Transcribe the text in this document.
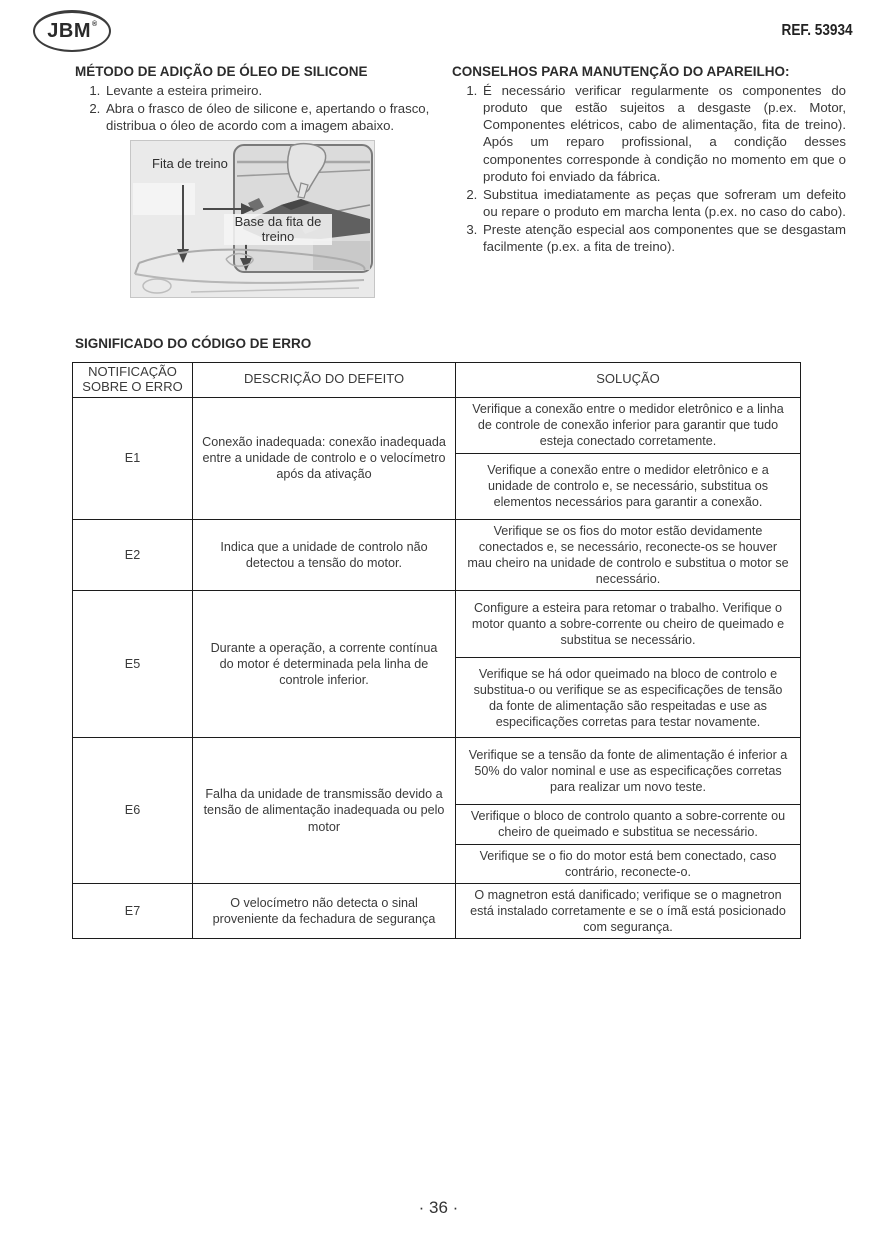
JBM ®	REF. 53934
MÉTODO DE ADIÇÃO DE ÓLEO DE SILICONE
1. Levante a esteira primeiro.
2. Abra o frasco de óleo de silicone e, apertando o frasco, distribua o óleo de acordo com a imagem abaixo.
Fita de treino
Base da fita de treino
CONSELHOS PARA MANUTENÇÃO DO APAREILHO:
1. É necessário verificar regularmente os componentes do produto que estão sujeitos a desgaste (p.ex. Motor, Componentes elétricos, cabo de alimentação, fita de treino). Após um reparo profissional, a condição desses componentes corresponde à condição no momento em que o produto foi enviado da fábrica.
2. Substitua imediatamente as peças que sofreram um defeito ou repare o produto em marcha lenta (p.ex. no caso do cabo).
3. Preste atenção especial aos componentes que se desgastam facilmente (p.ex. a fita de treino).
SIGNIFICADO DO CÓDIGO DE ERRO
NOTIFICAÇÃO SOBRE O ERRO	DESCRIÇÃO DO DEFEITO	SOLUÇÃO
E1	Conexão inadequada: conexão inadequada entre a unidade de controlo e o velocímetro após da ativação	Verifique a conexão entre o medidor eletrônico e a linha de controle de conexão inferior para garantir que tudo esteja conectado corretamente.
		Verifique a conexão entre o medidor eletrônico e a unidade de controlo e, se necessário, substitua os elementos necessários para garantir a conexão.
E2	Indica que a unidade de controlo não detectou a tensão do motor.	Verifique se os fios do motor estão devidamente conectados e, se necessário, reconecte-os se houver mau cheiro na unidade de controlo e substitua o motor se necessário.
E5	Durante a operação, a corrente contínua do motor é determinada pela linha de controle inferior.	Configure a esteira para retomar o trabalho. Verifique o motor quanto a sobre-corrente ou cheiro de queimado e substitua se necessário.
		Verifique se há odor queimado na bloco de controlo e substitua-o ou verifique se as especificações de tensão da fonte de alimentação são respeitadas e use as especificações corretas para testar novamente.
E6	Falha da unidade de transmissão devido a tensão de alimentação inadequada ou pelo motor	Verifique se a tensão da fonte de alimentação é inferior a 50% do valor nominal e use as especificações corretas para realizar um novo teste.
		Verifique o bloco de controlo quanto a sobre-corrente ou cheiro de queimado e substitua se necessário.
		Verifique se o fio do motor está bem conectado, caso contrário, reconecte-o.
E7	O velocímetro não detecta o sinal proveniente da fechadura de segurança	O magnetron está danificado; verifique se o magnetron está instalado corretamente e se o ímã está posicionado com segurança.
· 36 ·
